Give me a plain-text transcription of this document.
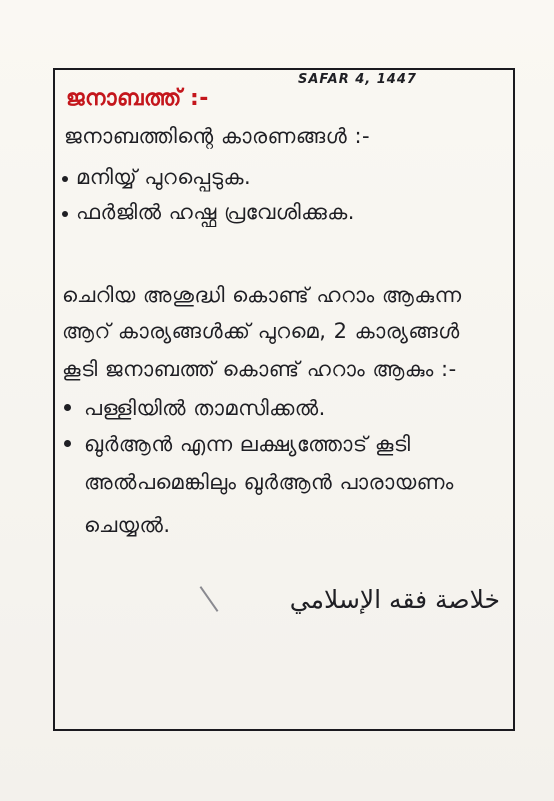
SAFAR 4, 1447
ജനാബത്ത് :-
ജനാബത്തിന്റെ കാരണങ്ങൾ :-
മനിയ്യ് പുറപ്പെടുക.
ഫർജിൽ ഹഷ്ഫ പ്രവേശിക്കുക.
ചെറിയ അശുദ്ധി കൊണ്ട് ഹറാം ആകുന്ന
ആറ് കാര്യങ്ങൾക്ക് പുറമെ, 2 കാര്യങ്ങൾ
കൂടി ജനാബത്ത് കൊണ്ട് ഹറാം ആകും :-
പള്ളിയിൽ താമസിക്കൽ.
ഖുർആൻ എന്ന ലക്ഷ്യത്തോട് കൂടി
അൽപമെങ്കിലും ഖുർആൻ പാരായണം
ചെയ്യൽ.
خلاصة فقه الإسلامي
